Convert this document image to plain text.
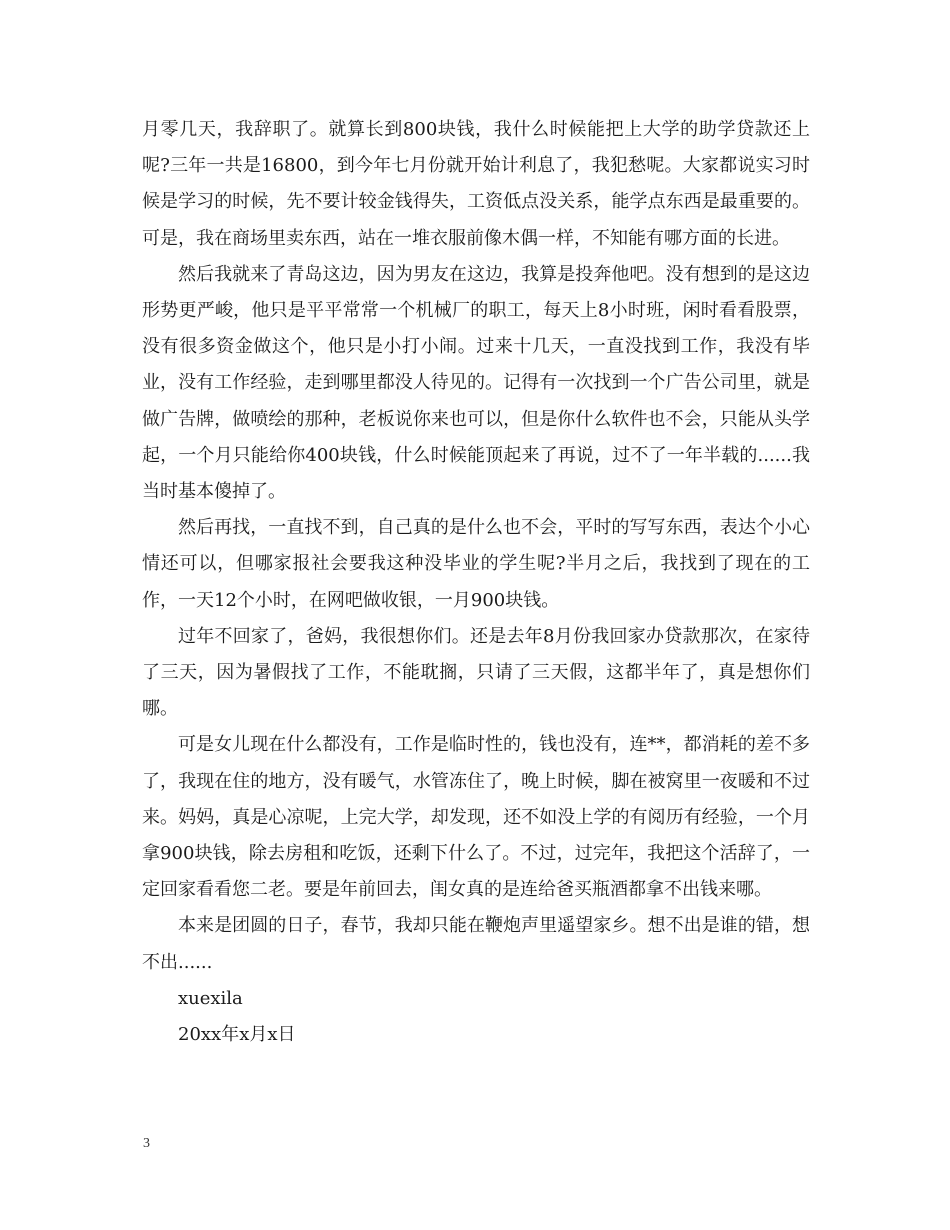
月零几天，我辞职了。就算长到800块钱，我什么时候能把上大学的助学贷款还上呢?三年一共是16800，到今年七月份就开始计利息了，我犯愁呢。大家都说实习时候是学习的时候，先不要计较金钱得失，工资低点没关系，能学点东西是最重要的。可是，我在商场里卖东西，站在一堆衣服前像木偶一样，不知能有哪方面的长进。

然后我就来了青岛这边，因为男友在这边，我算是投奔他吧。没有想到的是这边形势更严峻，他只是平平常常一个机械厂的职工，每天上8小时班，闲时看看股票，没有很多资金做这个，他只是小打小闹。过来十几天，一直没找到工作，我没有毕业，没有工作经验，走到哪里都没人待见的。记得有一次找到一个广告公司里，就是做广告牌，做喷绘的那种，老板说你来也可以，但是你什么软件也不会，只能从头学起，一个月只能给你400块钱，什么时候能顶起来了再说，过不了一年半载的......我当时基本傻掉了。

然后再找，一直找不到，自己真的是什么也不会，平时的写写东西，表达个小心情还可以，但哪家报社会要我这种没毕业的学生呢?半月之后，我找到了现在的工作，一天12个小时，在网吧做收银，一月900块钱。

过年不回家了，爸妈，我很想你们。还是去年8月份我回家办贷款那次，在家待了三天，因为暑假找了工作，不能耽搁，只请了三天假，这都半年了，真是想你们哪。

可是女儿现在什么都没有，工作是临时性的，钱也没有，连**，都消耗的差不多了，我现在住的地方，没有暖气，水管冻住了，晚上时候，脚在被窝里一夜暖和不过来。妈妈，真是心凉呢，上完大学，却发现，还不如没上学的有阅历有经验，一个月拿900块钱，除去房租和吃饭，还剩下什么了。不过，过完年，我把这个活辞了，一定回家看看您二老。要是年前回去，闺女真的是连给爸买瓶酒都拿不出钱来哪。

本来是团圆的日子，春节，我却只能在鞭炮声里遥望家乡。想不出是谁的错，想不出......

xuexila

20xx年x月x日

3
